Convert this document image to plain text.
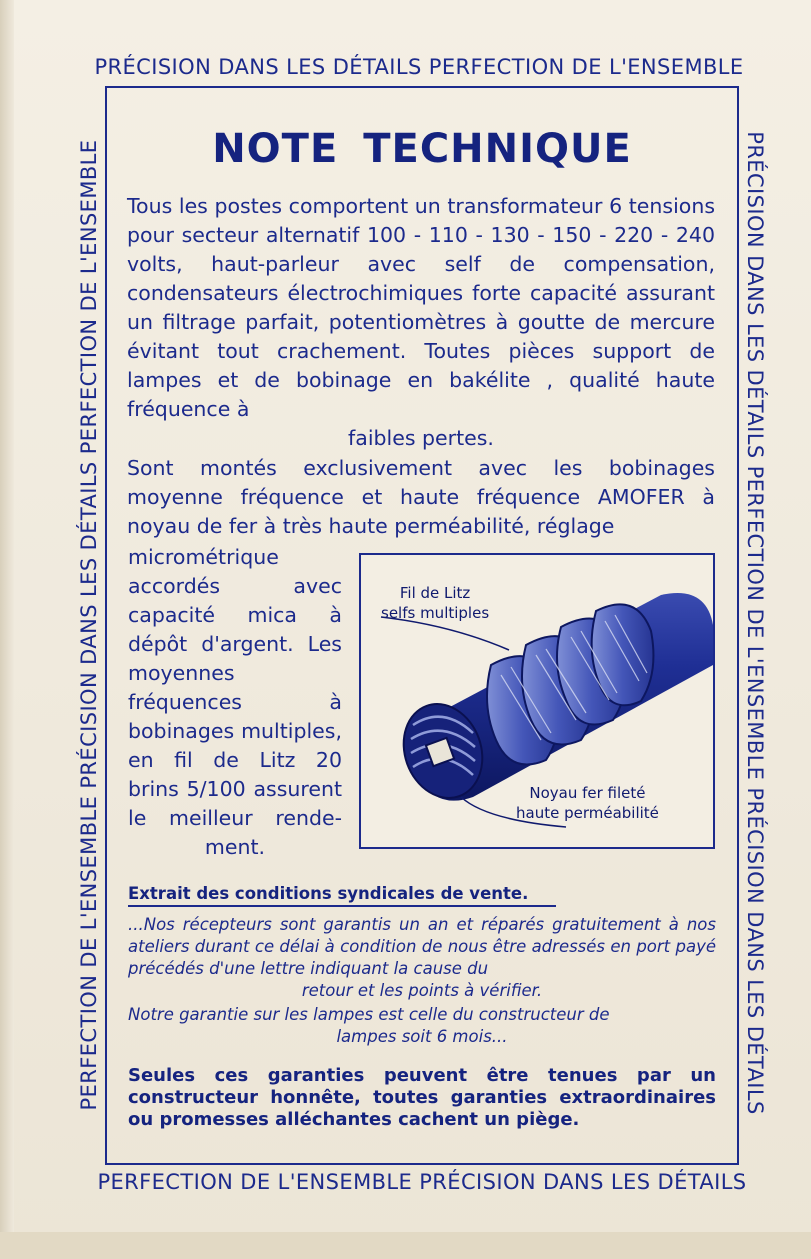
PRÉCISION DANS LES DÉTAILS PERFECTION DE L'ENSEMBLE
PRÉCISION DANS LES DÉTAILS PERFECTION DE L'ENSEMBLE PRÉCISION DANS LES DÉTAILS
PERFECTION DE L'ENSEMBLE PRÉCISION DANS LES DÉTAILS
PERFECTION DE L'ENSEMBLE PRÉCISION DANS LES DÉTAILS PERFECTION DE L'ENSEMBLE	NOTE TECHNIQUE
Tous les postes comportent un transformateur 6 tensions pour secteur alternatif 100 - 110 - 130 - 150 - 220 - 240 volts, haut-parleur avec self de compensation, condensateurs électrochimiques forte capacité assurant un filtrage parfait, potentiomètres à goutte de mercure évitant tout crachement. Toutes pièces support de lampes et de bobinage en bakélite , qualité haute fréquence à
faibles pertes.
Sont montés exclusivement avec les bobinages moyenne fréquence et haute fréquence AMOFER à noyau de fer à très haute perméabilité, réglage
micrométrique accordés avec capacité mica à dépôt d'argent. Les moyennes fréquences à bobinages multiples, en fil de Litz 20 brins 5/100 assurent le meilleur rende-
ment.
Fil de Litz
selfs multiples
Noyau fer fileté
haute perméabilité
Extrait des conditions syndicales de vente.
...Nos récepteurs sont garantis un an et réparés gratuitement à nos ateliers durant ce délai à condition de nous être adressés en port payé précédés d'une lettre indiquant la cause du
retour et les points à vérifier.
Notre garantie sur les lampes est celle du constructeur de
lampes soit 6 mois...
Seules ces garanties peuvent être tenues par un constructeur honnête, toutes garanties extraordinaires ou promesses alléchantes cachent un piège.
